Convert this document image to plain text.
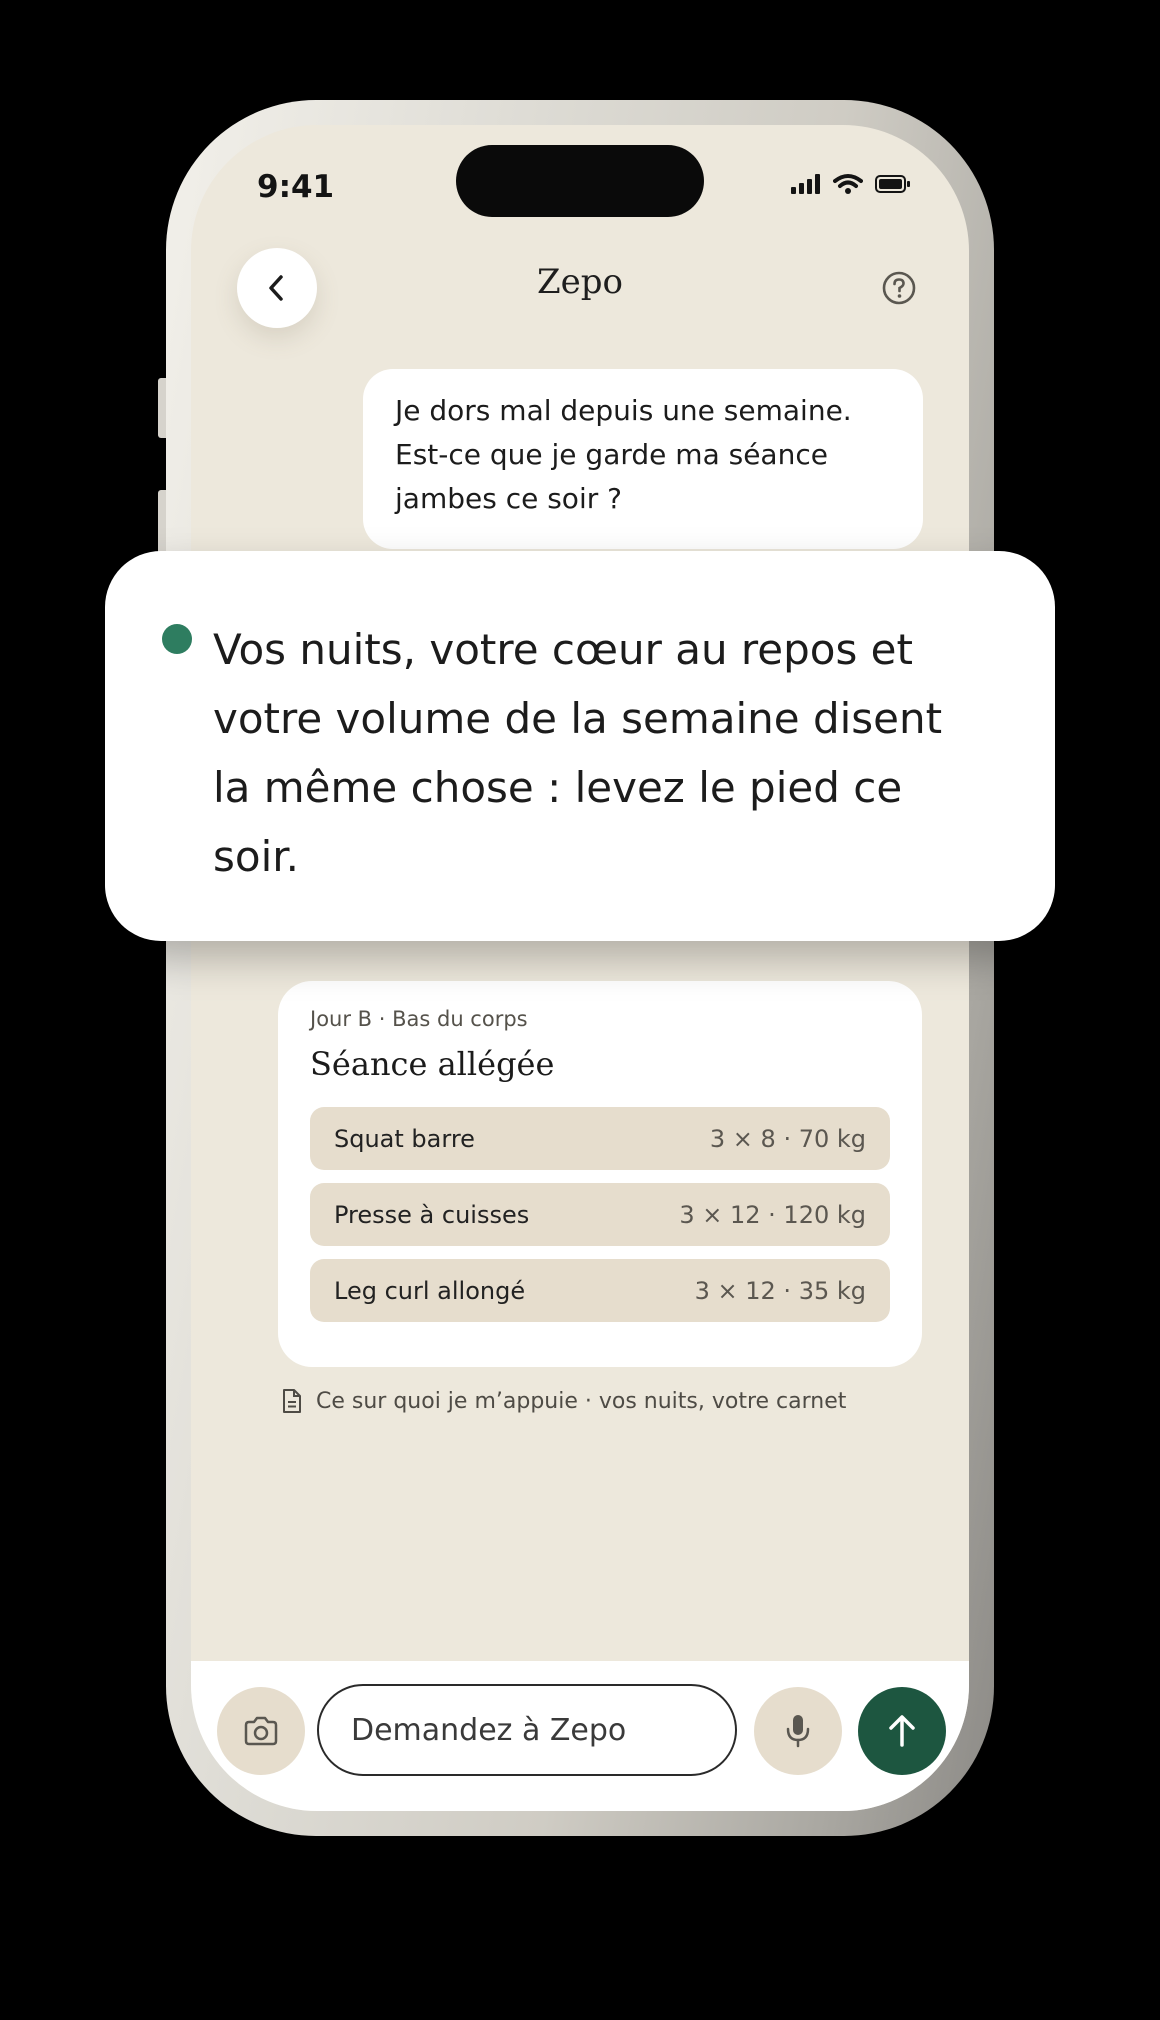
9:41
Zepo
Je dors mal depuis une semaine. Est-ce que je garde ma séance jambes ce soir ?
Jour B · Bas du corps
Séance allégée
Squat barre	3 × 8 · 70 kg
Presse à cuisses	3 × 12 · 120 kg
Leg curl allongé	3 × 12 · 35 kg
Ce sur quoi je m’appuie · vos nuits, votre carnet
Demandez à Zepo
Vos nuits, votre cœur au repos et votre volume de la semaine disent la même chose : levez le pied ce soir.
